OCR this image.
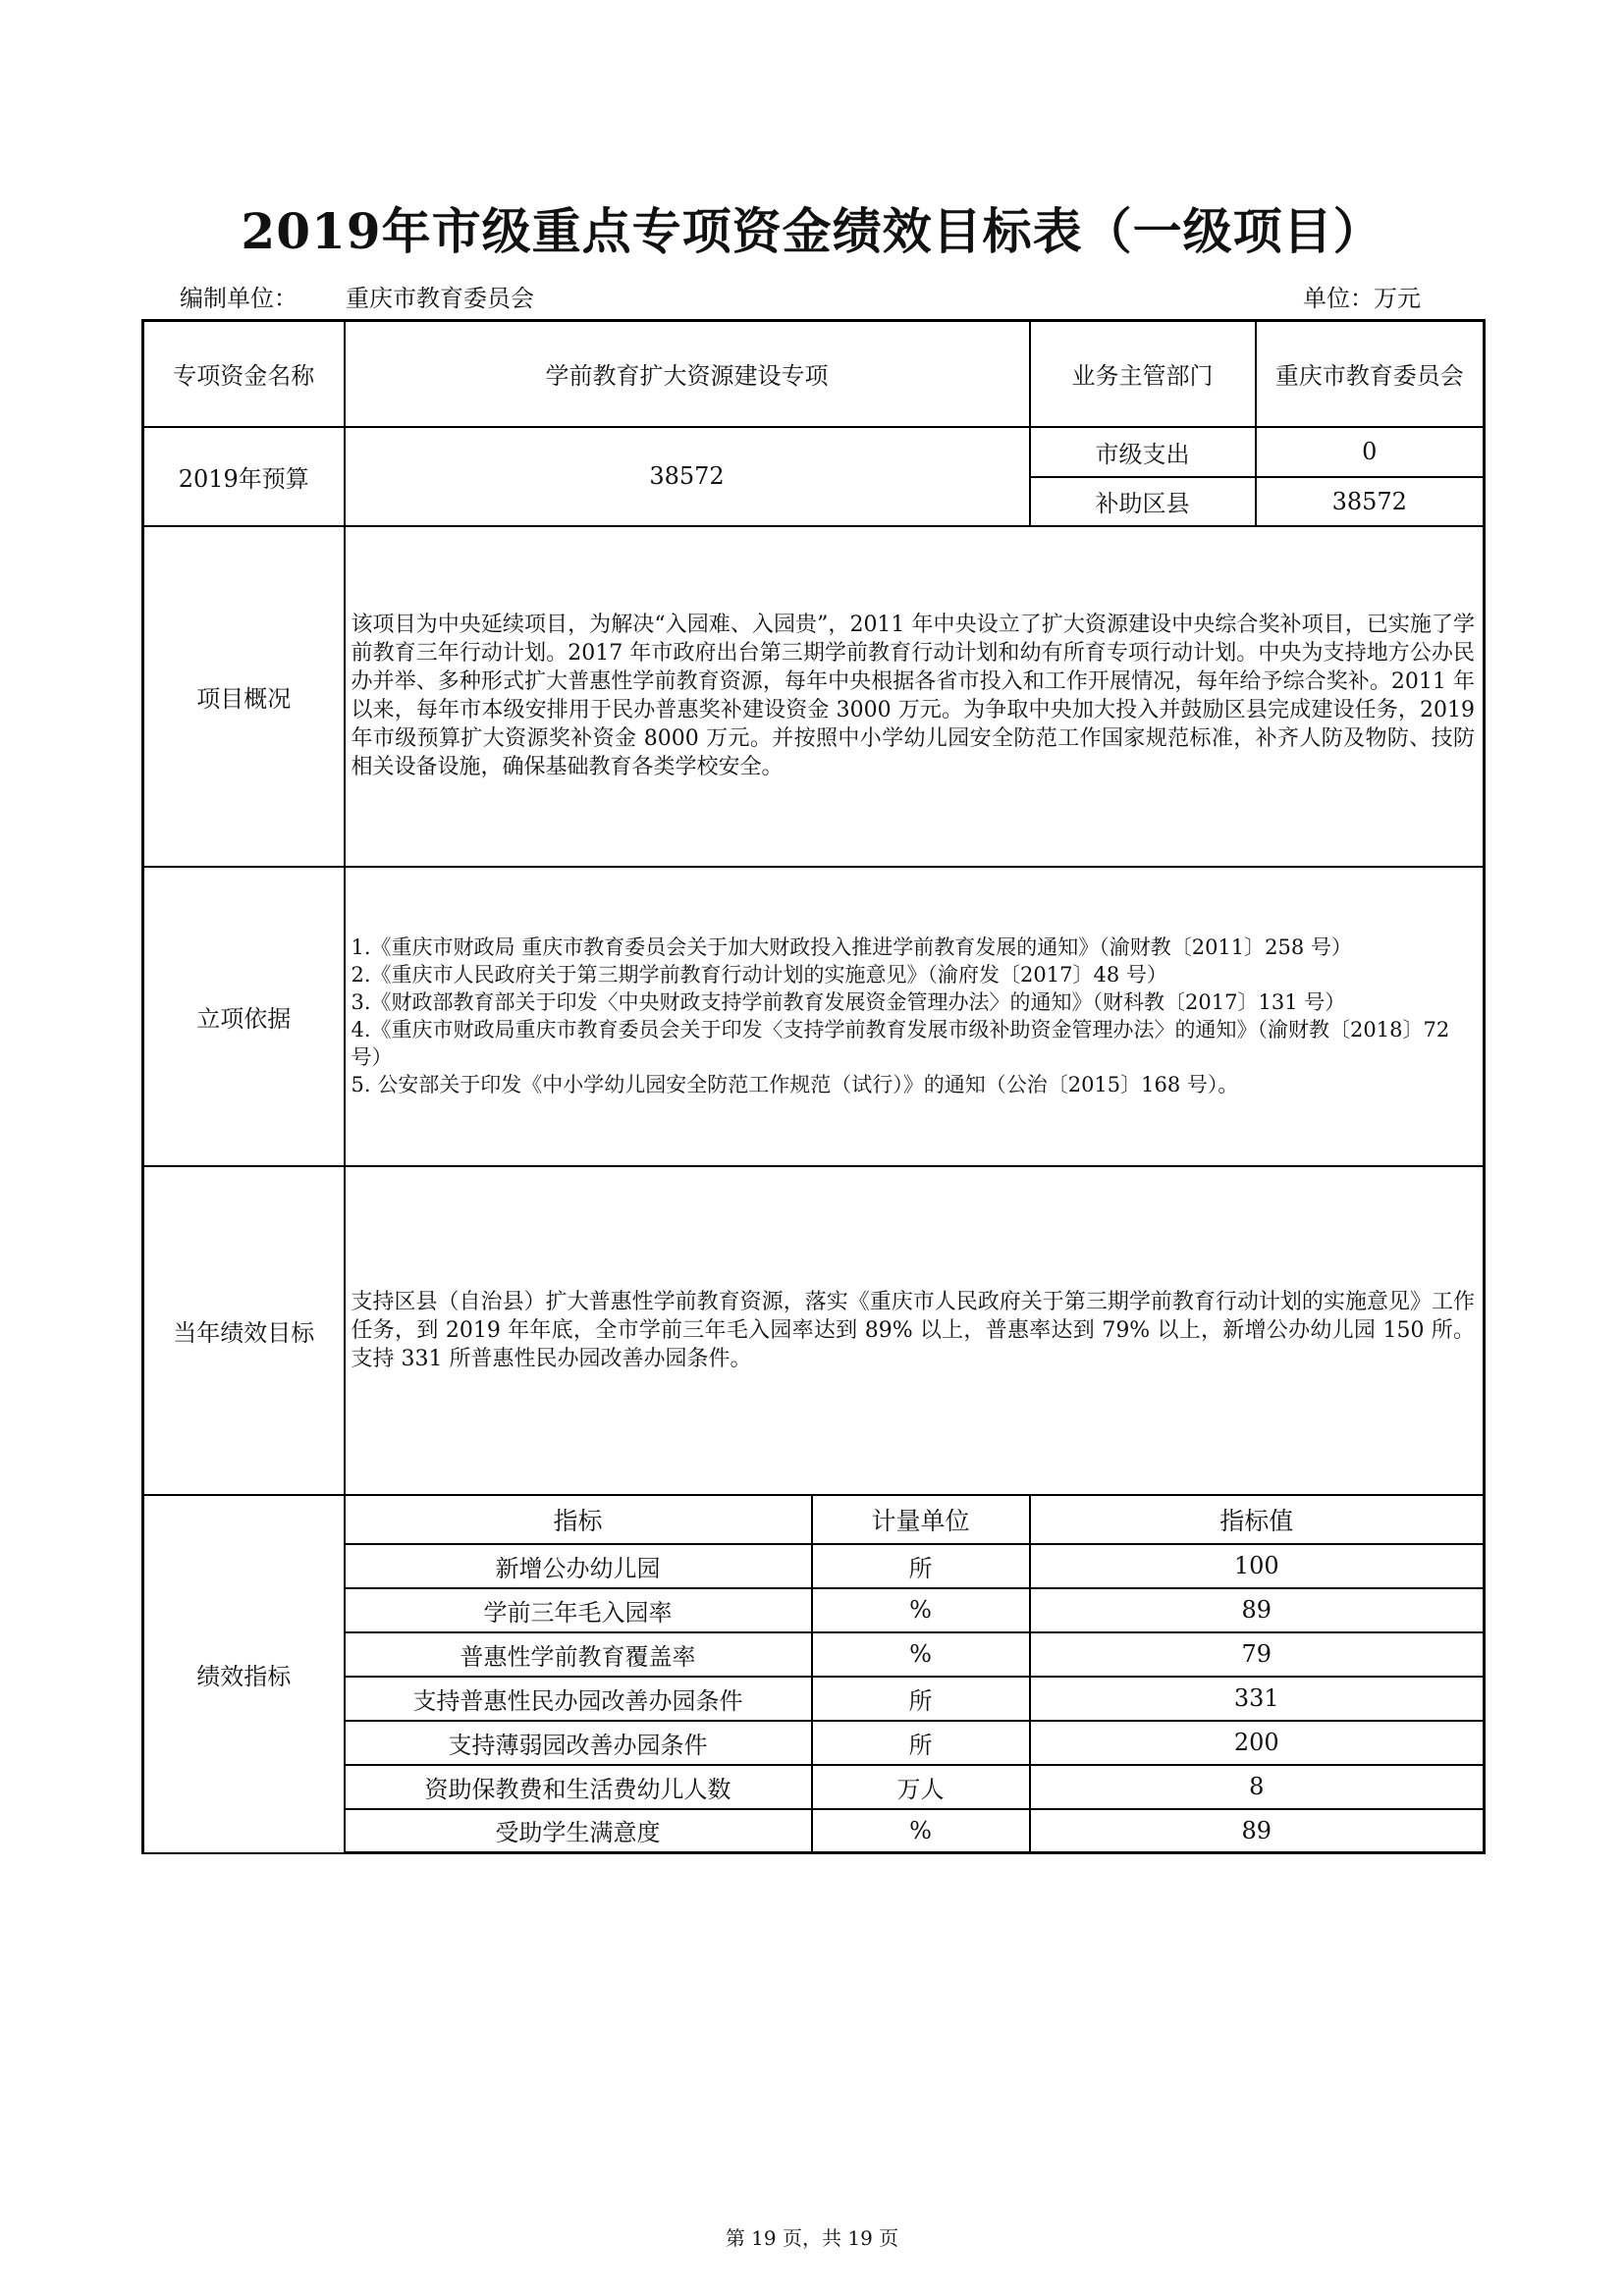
2019年市级重点专项资金绩效目标表（一级项目）
编制单位： 重庆市教育委员会	单位：万元
专项资金名称	学前教育扩大资源建设专项		业务主管部门	重庆市教育委员会
2019年预算	38572		市级支出	0
			补助区县	38572
项目概况	该项目为中央延续项目，为解决“入园难、入园贵”，2011 年中央设立了扩大资源建设中央综合奖补项目，已实施了学前教育三年行动计划。2017 年市政府出台第三期学前教育行动计划和幼有所育专项行动计划。中央为支持地方公办民办并举、多种形式扩大普惠性学前教育资源，每年中央根据各省市投入和工作开展情况，每年给予综合奖补。2011 年以来，每年市本级安排用于民办普惠奖补建设资金 3000 万元。为争取中央加大投入并鼓励区县完成建设任务，2019 年市级预算扩大资源奖补资金 8000 万元。并按照中小学幼儿园安全防范工作国家规范标准，补齐人防及物防、技防相关设备设施，确保基础教育各类学校安全。			
立项依据	1.《重庆市财政局 重庆市教育委员会关于加大财政投入推进学前教育发展的通知》（渝财教〔2011〕258 号）
2.《重庆市人民政府关于第三期学前教育行动计划的实施意见》（渝府发〔2017〕48 号）
3.《财政部教育部关于印发〈中央财政支持学前教育发展资金管理办法〉的通知》（财科教〔2017〕131 号）
4.《重庆市财政局重庆市教育委员会关于印发〈支持学前教育发展市级补助资金管理办法〉的通知》（渝财教〔2018〕72 号）
5. 公安部关于印发《中小学幼儿园安全防范工作规范（试行）》的通知（公治〔2015〕168 号）。			

当年绩效目标	支持区县（自治县）扩大普惠性学前教育资源，落实《重庆市人民政府关于第三期学前教育行动计划的实施意见》工作任务，到 2019 年年底，全市学前三年毛入园率达到 89% 以上，普惠率达到 79% 以上，新增公办幼儿园 150 所。支持 331 所普惠性民办园改善办园条件。			
绩效指标	指标	计量单位	指标值	
	新增公办幼儿园	所	100	
	学前三年毛入园率	%	89	
	普惠性学前教育覆盖率	%	79	
	支持普惠性民办园改善办园条件	所	331	
	支持薄弱园改善办园条件	所	200	
	资助保教费和生活费幼儿人数	万人	8	
	受助学生满意度	%	89	
第 19 页，共 19 页
